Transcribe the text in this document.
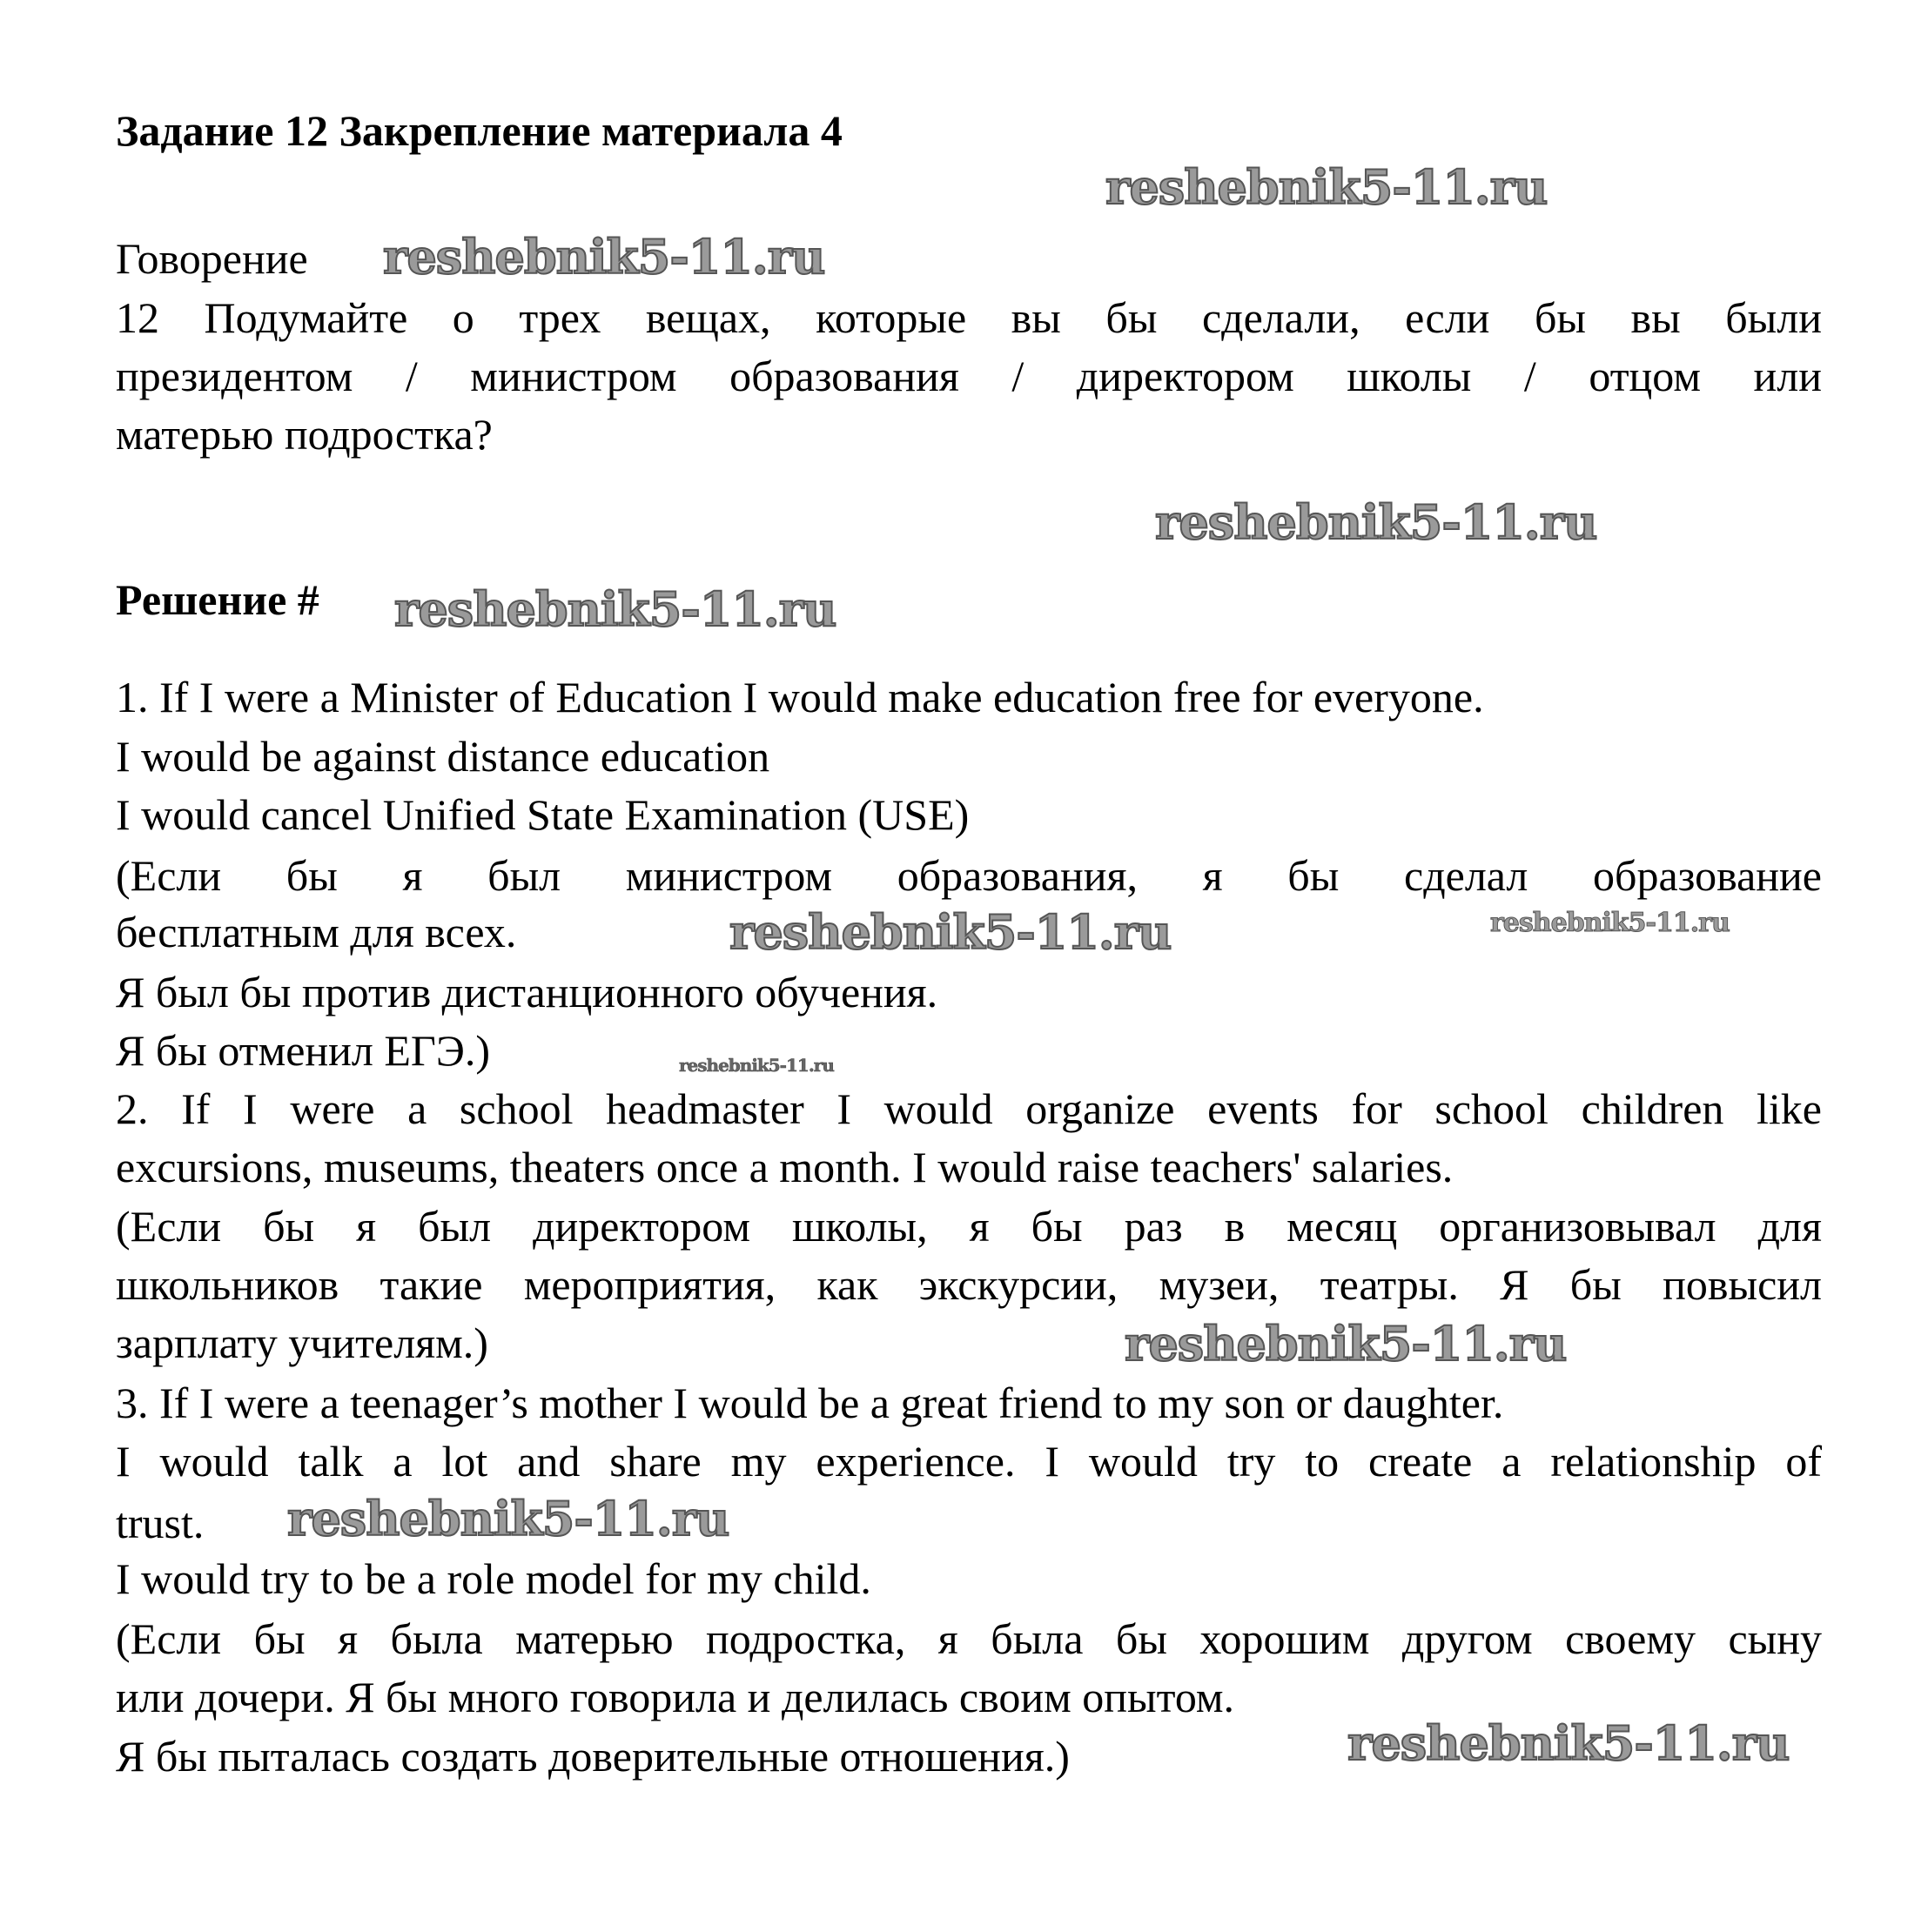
Задание 12 Закрепление материала 4
Говорение
12 Подумайте о трех вещах, которые вы бы сделали, если бы вы были
президентом / министром образования / директором школы / отцом или
матерью подростка?
Решение #
1. If I were a Minister of Education I would make education free for everyone.
I would be against distance education
I would cancel Unified State Examination (USE)
(Если бы я был министром образования, я бы сделал образование
бесплатным для всех.
Я был бы против дистанционного обучения.
Я бы отменил ЕГЭ.)
2. If I were a school headmaster I would organize events for school children like
excursions, museums, theaters once a month. I would raise teachers' salaries.
(Если бы я был директором школы, я бы раз в месяц организовывал для
школьников такие мероприятия, как экскурсии, музеи, театры. Я бы повысил
зарплату учителям.)
3. If I were a teenager’s mother I would be a great friend to my son or daughter.
I would talk a lot and share my experience. I would try to create a relationship of
trust.
I would try to be a role model for my child.
(Если бы я была матерью подростка, я была бы хорошим другом своему сыну
или дочери. Я бы много говорила и делилась своим опытом.
Я бы пыталась создать доверительные отношения.)
reshebnik5-11.ru
reshebnik5-11.ru
reshebnik5-11.ru
reshebnik5-11.ru
reshebnik5-11.ru	reshebnik5-11.ru
reshebnik5-11.ru
reshebnik5-11.ru
reshebnik5-11.ru
reshebnik5-11.ru
